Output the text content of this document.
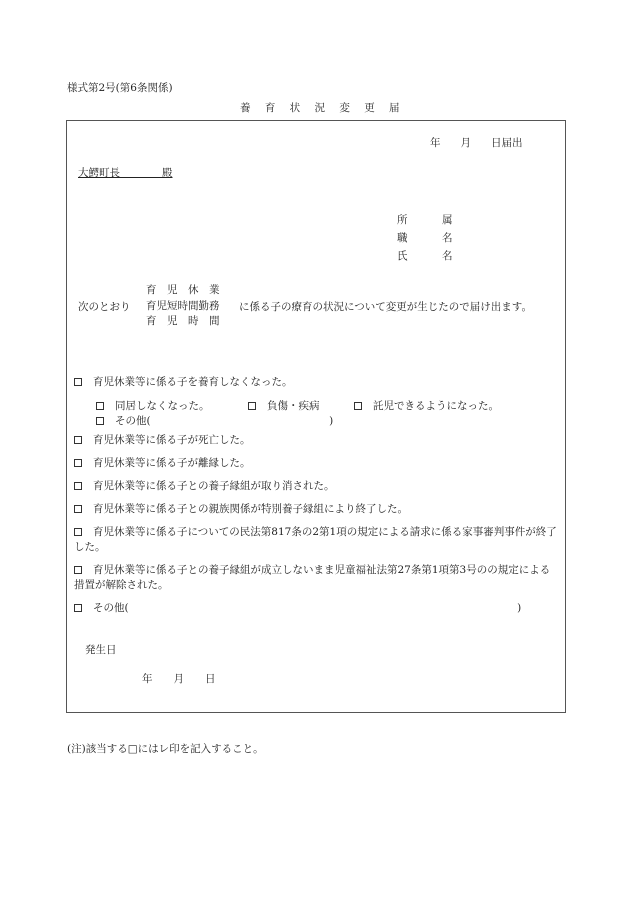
様式第2号(第6条関係)
養 育 状 況 変 更 届
年 月 日届出
大鰐町長　　　　殿
所　属
職　名
氏　名
次のとおり
育　児　休　業
育児短時間勤務
育　児　時　間
に係る子の療育の状況について変更が生じたので届け出ます。
育児休業等に係る子を養育しなくなった。
同居しなくなった。	負傷・疾病	託児できるようになった。
その他(　　　　　　　　　　　　　　　　　)
育児休業等に係る子が死亡した。
育児休業等に係る子が離縁した。
育児休業等に係る子との養子縁組が取り消された。
育児休業等に係る子との親族関係が特別養子縁組により終了した。
育児休業等に係る子についての民法第817条の2第1項の規定による請求に係る家事審判事件が終了した。
育児休業等に係る子との養子縁組が成立しないまま児童福祉法第27条第1項第3号のの規定による措置が解除された。
その他(　　　　　　　　　　　　　　　　　　　　　　　　　　　　　　　　　　　　　)
発生日
年　　月　　日
(注)該当する□にはレ印を記入すること。
